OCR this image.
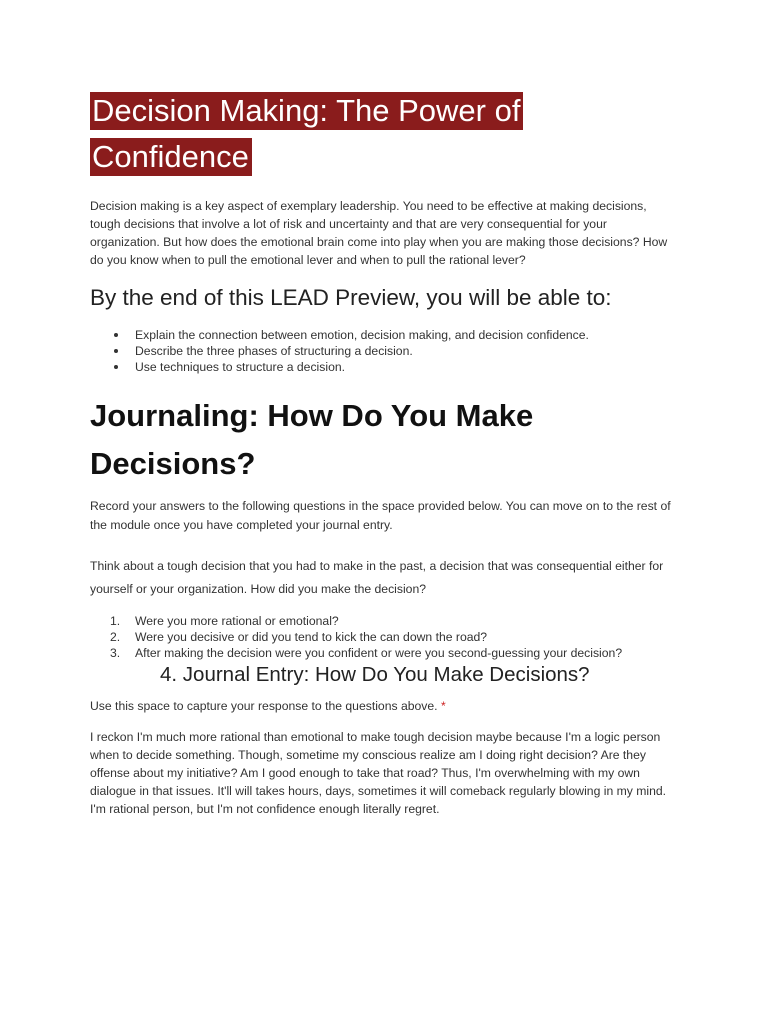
Decision Making: The Power of
Confidence

Decision making is a key aspect of exemplary leadership. You need to be effective at making decisions, tough decisions that involve a lot of risk and uncertainty and that are very consequential for your organization. But how does the emotional brain come into play when you are making those decisions? How do you know when to pull the emotional lever and when to pull the rational lever?

By the end of this LEAD Preview, you will be able to:
Explain the connection between emotion, decision making, and decision confidence.
Describe the three phases of structuring a decision.
Use techniques to structure a decision.
Journaling: How Do You Make Decisions?

Record your answers to the following questions in the space provided below. You can move on to the rest of the module once you have completed your journal entry.

Think about a tough decision that you had to make in the past, a decision that was consequential either for yourself or your organization. How did you make the decision?

1. Were you more rational or emotional?
2. Were you decisive or did you tend to kick the can down the road?
3. After making the decision were you confident or were you second-guessing your decision?
4. Journal Entry: How Do You Make Decisions?

Use this space to capture your response to the questions above. *

I reckon I'm much more rational than emotional to make tough decision maybe because I'm a logic person when to decide something. Though, sometime my conscious realize am I doing right decision? Are they offense about my initiative? Am I good enough to take that road? Thus, I'm overwhelming with my own dialogue in that issues. It'll will takes hours, days, sometimes it will comeback regularly blowing in my mind. I'm rational person, but I'm not confidence enough literally regret.
